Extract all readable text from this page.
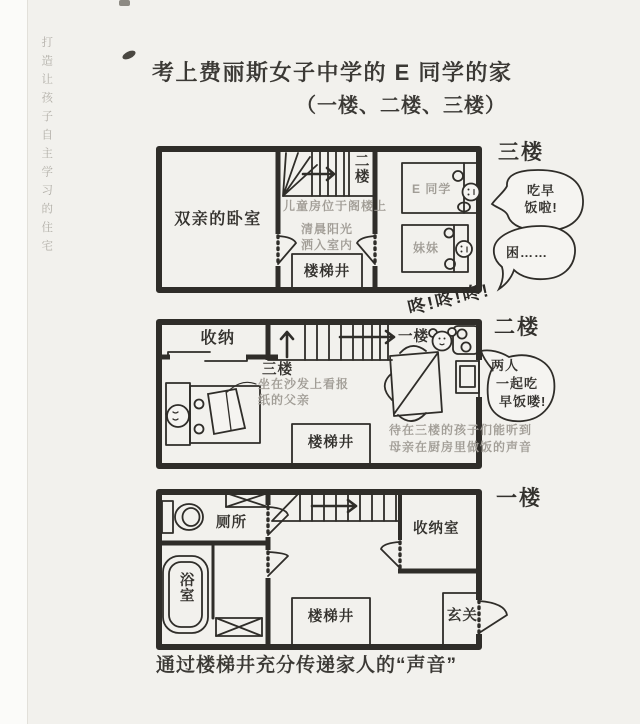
打造让孩子自主学习的住宅	考上费丽斯女子中学的 E 同学的家
（一楼、二楼、三楼）
三楼
双亲的卧室
二楼
儿童房位于阁楼上
清晨阳光
洒入室内
楼梯井
E 同学
妹妹
吃早
饭啦!
困……
咚!咚!咚!
二楼
收纳
三楼
一楼
坐在沙发上看报
纸的父亲
楼梯井
两人
一起吃
早饭喽!
待在三楼的孩子们能听到
母亲在厨房里做饭的声音
一楼
厕所
浴室
楼梯井
收纳室
玄关
通过楼梯井充分传递家人的“声音”
